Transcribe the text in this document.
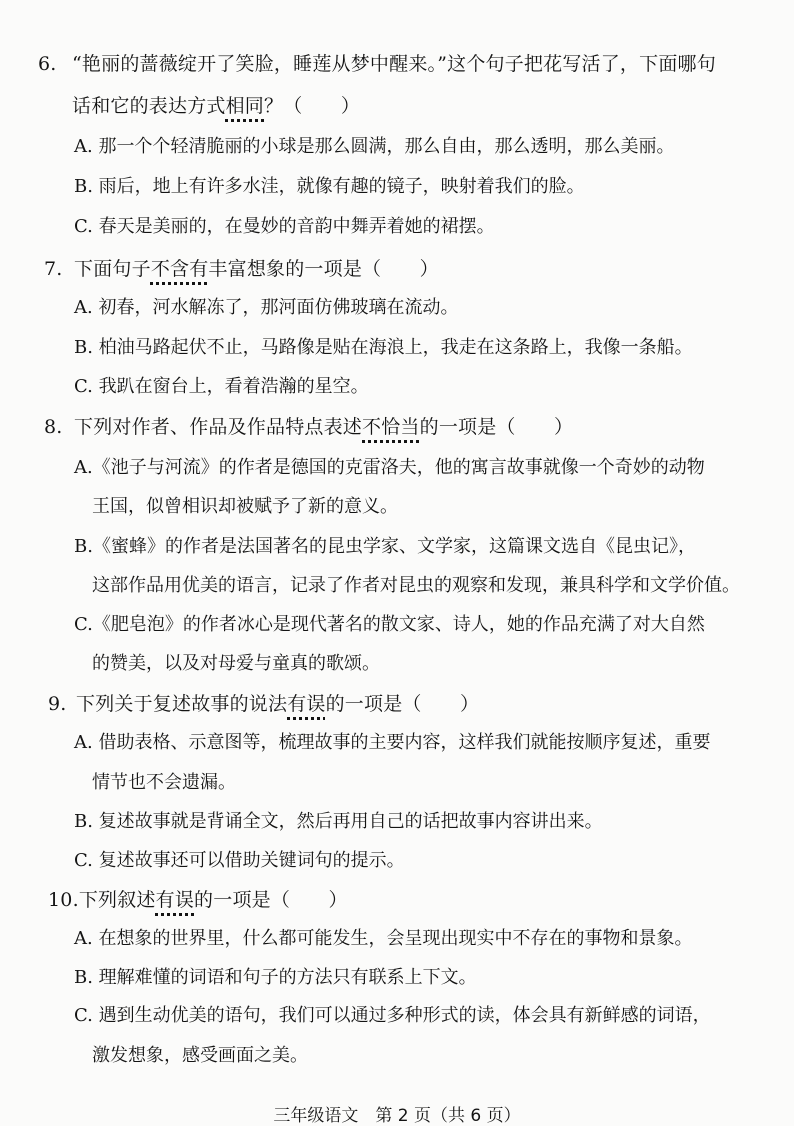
6. “艳丽的蔷薇绽开了笑脸，睡莲从梦中醒来。”这个句子把花写活了，下面哪句
话和它的表达方式相同？（　　）
A. 那一个个轻清脆丽的小球是那么圆满，那么自由，那么透明，那么美丽。
B. 雨后，地上有许多水洼，就像有趣的镜子，映射着我们的脸。
C. 春天是美丽的，在曼妙的音韵中舞弄着她的裙摆。
7. 下面句子不含有丰富想象的一项是（　　）
A. 初春，河水解冻了，那河面仿佛玻璃在流动。
B. 柏油马路起伏不止，马路像是贴在海浪上，我走在这条路上，我像一条船。
C. 我趴在窗台上，看着浩瀚的星空。
8. 下列对作者、作品及作品特点表述不恰当的一项是（　　）
A.《池子与河流》的作者是德国的克雷洛夫，他的寓言故事就像一个奇妙的动物
王国，似曾相识却被赋予了新的意义。
B.《蜜蜂》的作者是法国著名的昆虫学家、文学家，这篇课文选自《昆虫记》，
这部作品用优美的语言，记录了作者对昆虫的观察和发现，兼具科学和文学价值。
C.《肥皂泡》的作者冰心是现代著名的散文家、诗人，她的作品充满了对大自然
的赞美，以及对母爱与童真的歌颂。
9. 下列关于复述故事的说法有误的一项是（　　）
A. 借助表格、示意图等，梳理故事的主要内容，这样我们就能按顺序复述，重要
情节也不会遗漏。
B. 复述故事就是背诵全文，然后再用自己的话把故事内容讲出来。
C. 复述故事还可以借助关键词句的提示。
10.下列叙述有误的一项是（　　）
A. 在想象的世界里，什么都可能发生，会呈现出现实中不存在的事物和景象。
B. 理解难懂的词语和句子的方法只有联系上下文。
C. 遇到生动优美的语句，我们可以通过多种形式的读，体会具有新鲜感的词语，
激发想象，感受画面之美。
三年级语文　第 2 页（共 6 页）
